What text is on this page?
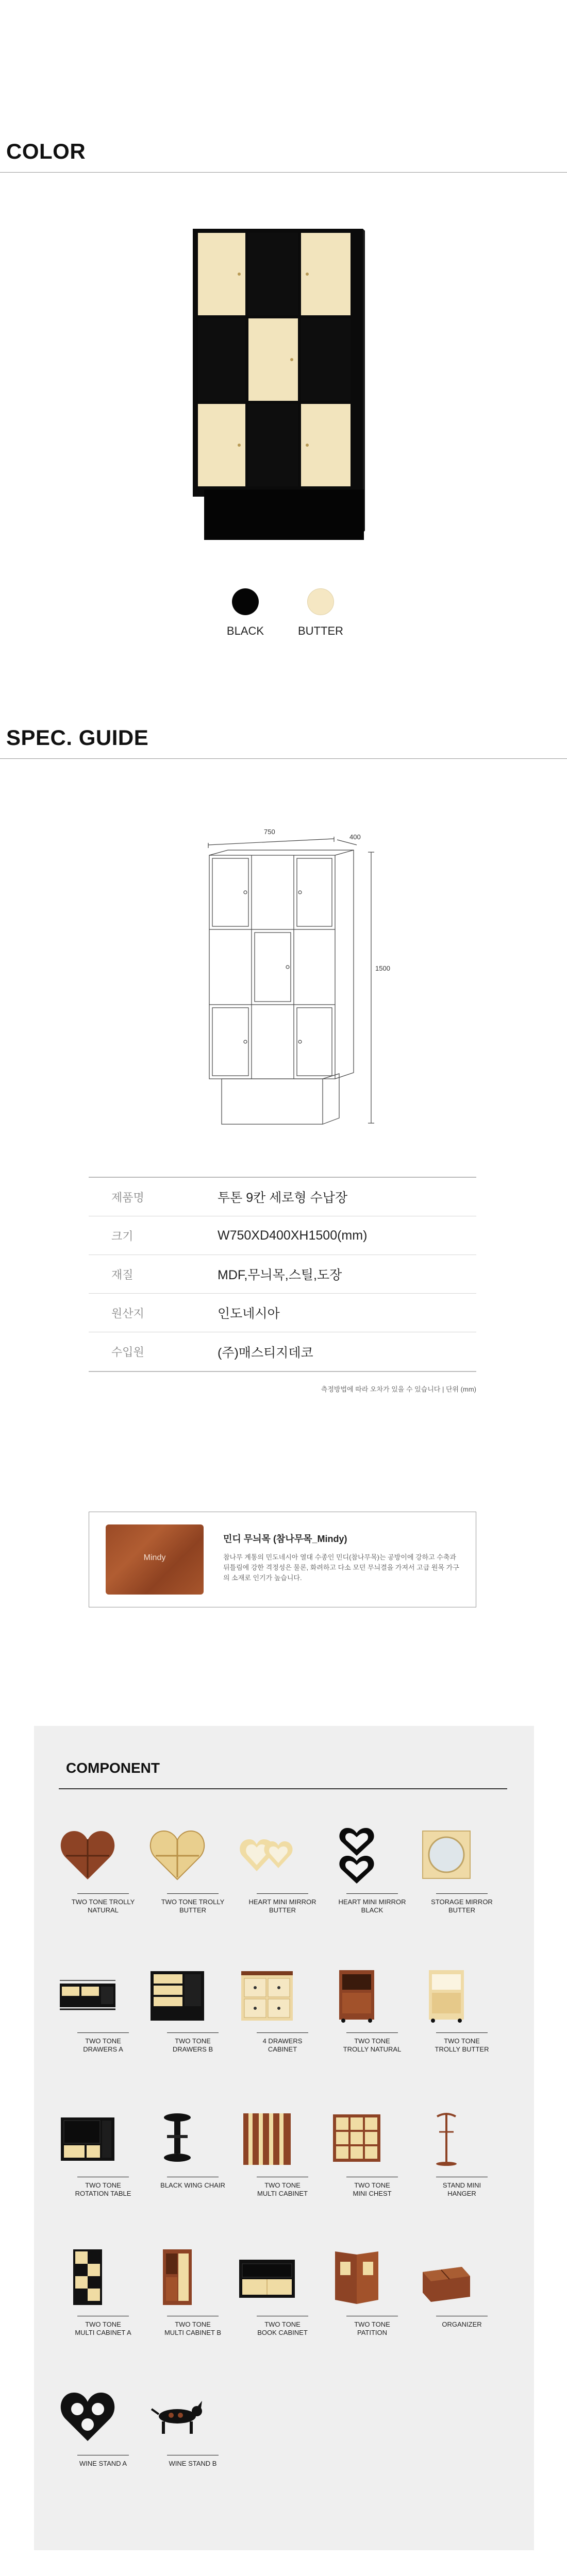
COLOR
BLACK	BUTTER
SPEC. GUIDE
750
400
1500
제품명	투톤 9칸 세로형 수납장
크기	W750XD400XH1500(mm)
재질	MDF,무늬목,스틸,도장
원산지	인도네시아
수입원	(주)매스티지데코
측정방법에 따라 오차가 있을 수 있습니다 | 단위 (mm)
Mindy
민디 무늬목 (참나무목_Mindy)
참나무 계통의 민도네시아 열대 수종인 민디(참나무목)는 공방이에 강하고 수축과 뒤틀림에 강한 격정성은 물론, 화려하고 다소 모던 무늬결을 가져서 고급 원목 가구의 소재로 인기가 높습니다.
COMPONENT
TWO TONE TROLLY
NATURAL
TWO TONE TROLLY
BUTTER
HEART MINI MIRROR
BUTTER
HEART MINI MIRROR
BLACK
STORAGE MIRROR
BUTTER
TWO TONE
DRAWERS A
TWO TONE
DRAWERS B
4 DRAWERS
CABINET
TWO TONE
TROLLY NATURAL
TWO TONE
TROLLY BUTTER
TWO TONE
ROTATION TABLE
BLACK WING CHAIR	TWO TONE
MULTI CABINET
TWO TONE
MINI CHEST
STAND MINI
HANGER
TWO TONE
MULTI CABINET A
TWO TONE
MULTI CABINET B
TWO TONE
BOOK CABINET
TWO TONE
PATITION
ORGANIZER
WINE STAND A	WINE STAND B
